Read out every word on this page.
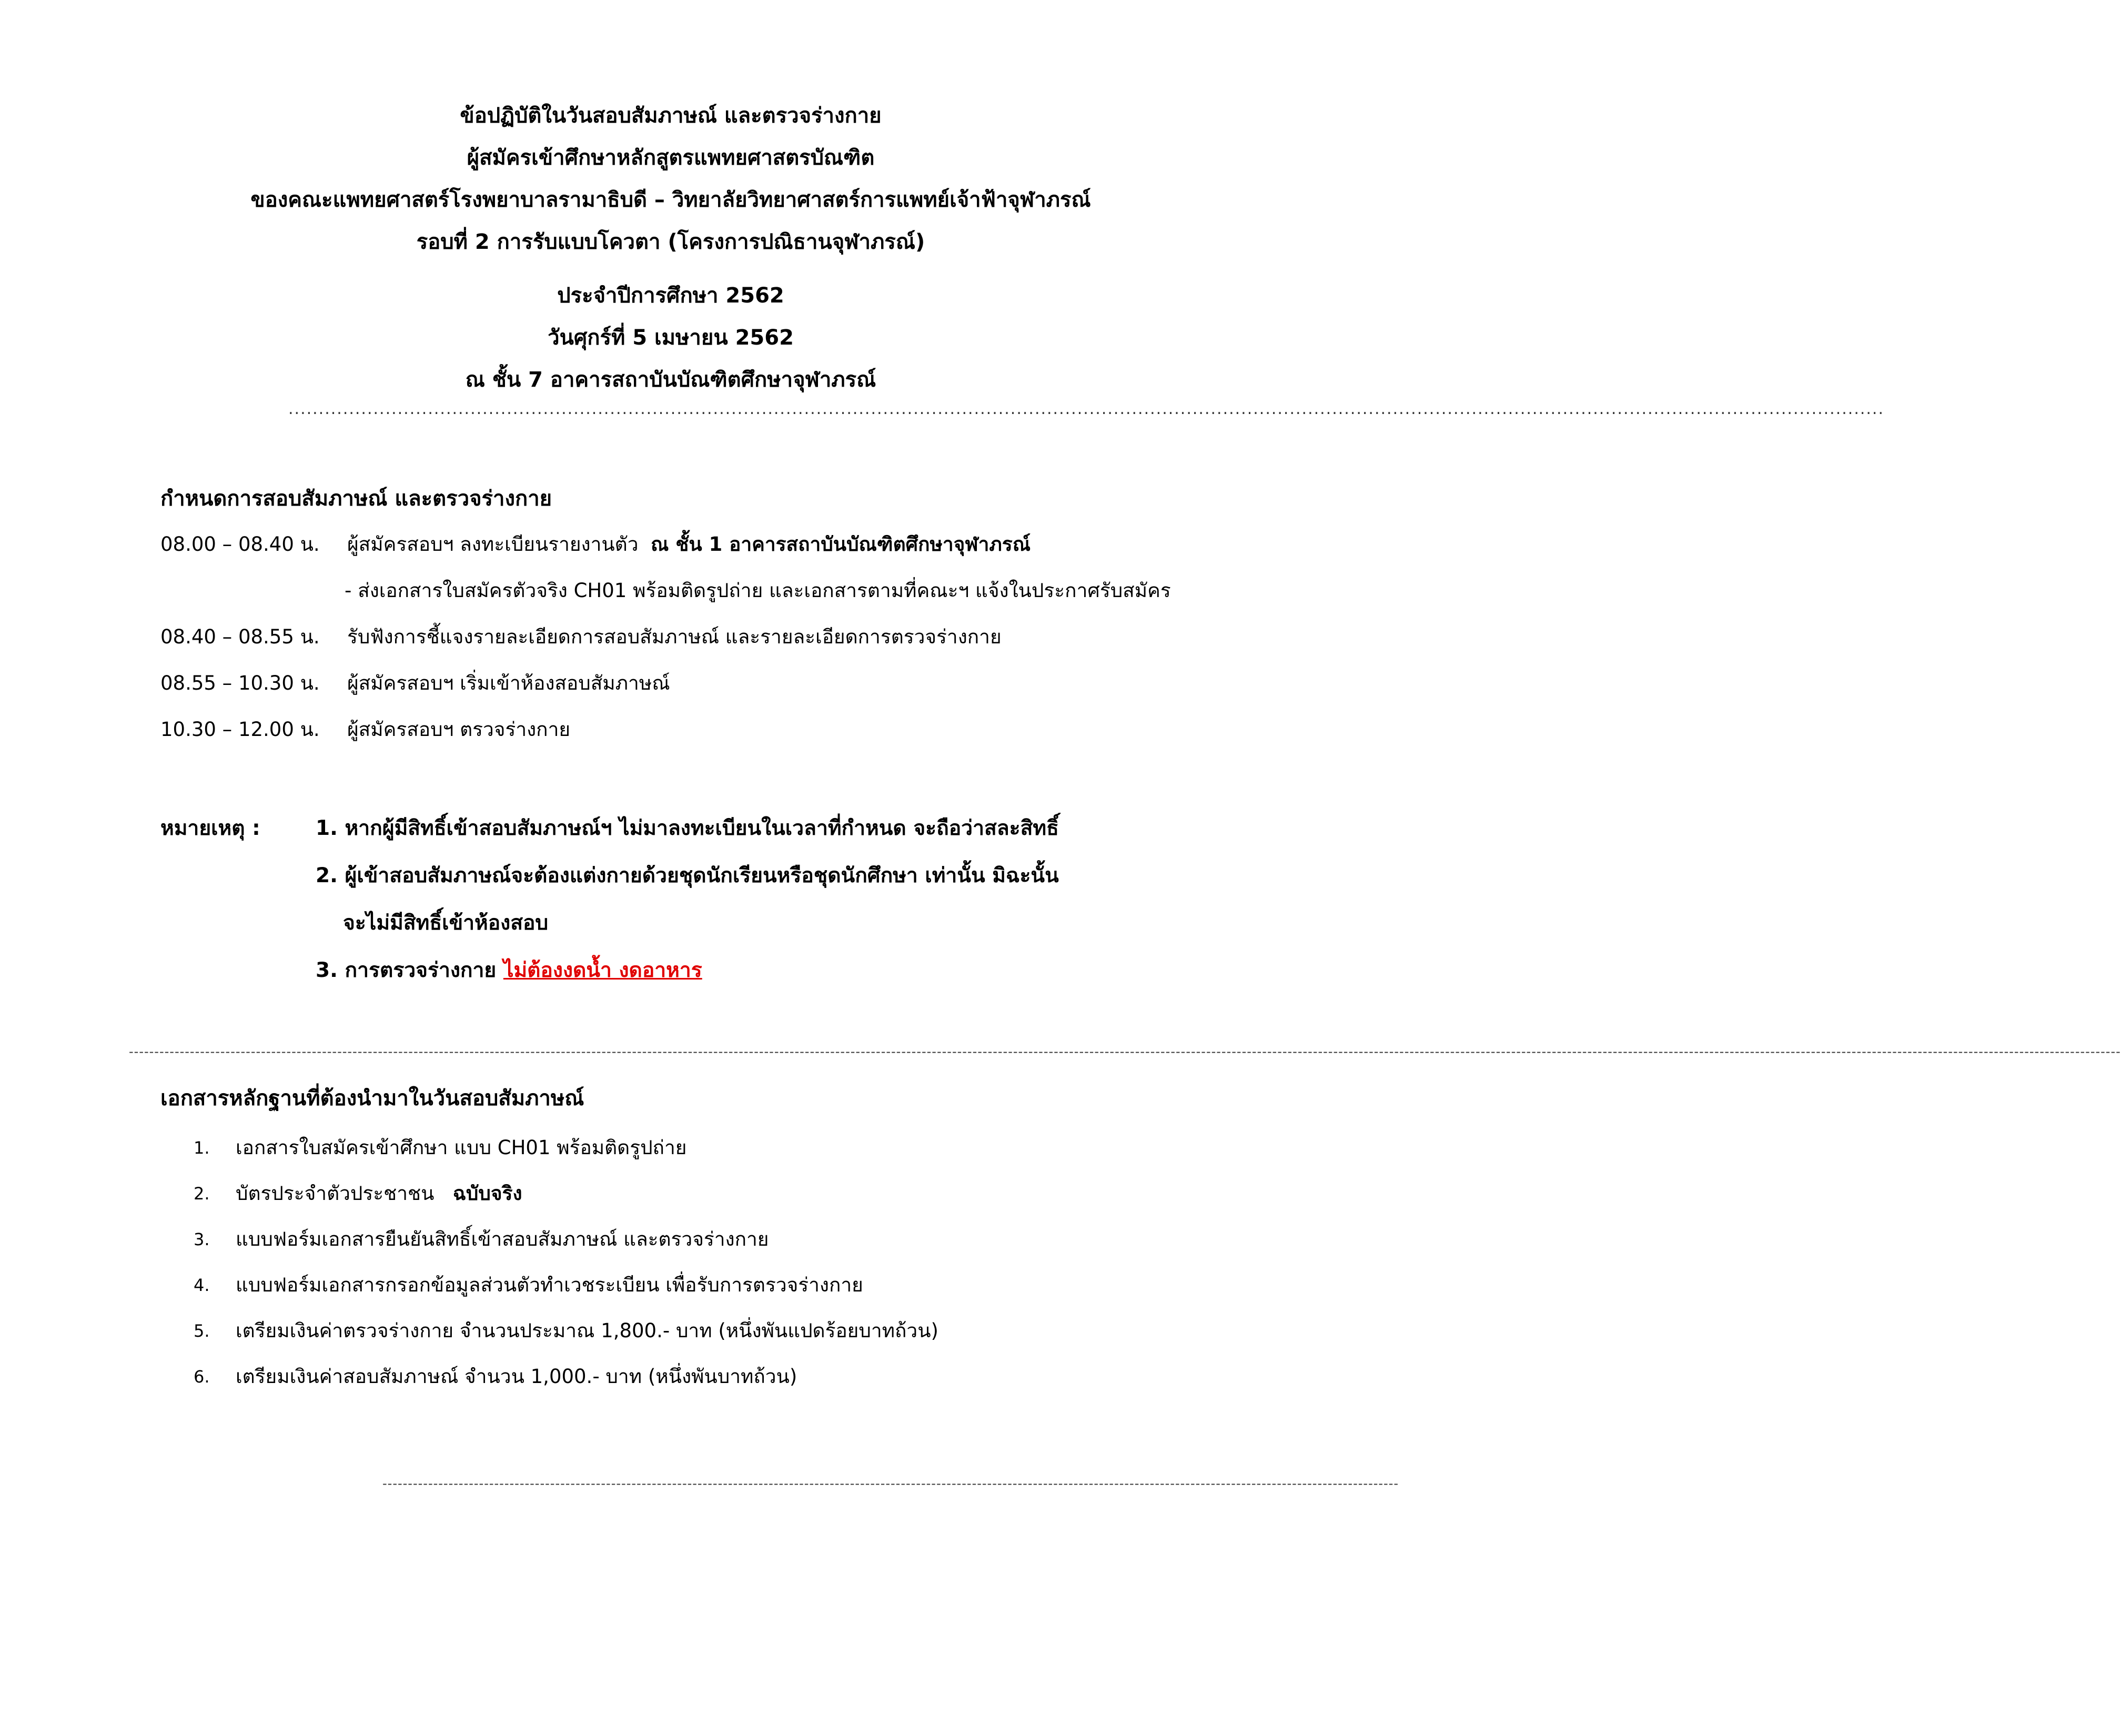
ข้อปฏิบัติในวันสอบสัมภาษณ์ และตรวจร่างกาย
ผู้สมัครเข้าศึกษาหลักสูตรแพทยศาสตรบัณฑิต
ของคณะแพทยศาสตร์โรงพยาบาลรามาธิบดี – วิทยาลัยวิทยาศาสตร์การแพทย์เจ้าฟ้าจุฬาภรณ์
รอบที่ 2 การรับแบบโควตา (โครงการปณิธานจุฬาภรณ์)
ประจำปีการศึกษา 2562
วันศุกร์ที่ 5 เมษายน 2562
ณ ชั้น 7 อาคารสถาบันบัณฑิตศึกษาจุฬาภรณ์
.......................................................................................................................................................................................................................................................................
กำหนดการสอบสัมภาษณ์ และตรวจร่างกาย
08.00 – 08.40 น.	ผู้สมัครสอบฯ ลงทะเบียนรายงานตัว ณ ชั้น 1 อาคารสถาบันบัณฑิตศึกษาจุฬาภรณ์
- ส่งเอกสารใบสมัครตัวจริง CH01 พร้อมติดรูปถ่าย และเอกสารตามที่คณะฯ แจ้งในประกาศรับสมัคร
08.40 – 08.55 น.	รับฟังการชี้แจงรายละเอียดการสอบสัมภาษณ์ และรายละเอียดการตรวจร่างกาย
08.55 – 10.30 น.	ผู้สมัครสอบฯ เริ่มเข้าห้องสอบสัมภาษณ์
10.30 – 12.00 น.	ผู้สมัครสอบฯ ตรวจร่างกาย
หมายเหตุ :	1. หากผู้มีสิทธิ์เข้าสอบสัมภาษณ์ฯ ไม่มาลงทะเบียนในเวลาที่กำหนด จะถือว่าสละสิทธิ์
2. ผู้เข้าสอบสัมภาษณ์จะต้องแต่งกายด้วยชุดนักเรียนหรือชุดนักศึกษา เท่านั้น มิฉะนั้น
จะไม่มีสิทธิ์เข้าห้องสอบ
3. การตรวจร่างกาย ไม่ต้องงดน้ำ งดอาหาร
--------------------------------------------------------------------------------------------------------------------------------------------------------------------------------------------------------------------------------------------------------------------------------------------------------------------------------------------------------------------------------------------------------
เอกสารหลักฐานที่ต้องนำมาในวันสอบสัมภาษณ์
1.	เอกสารใบสมัครเข้าศึกษา แบบ CH01 พร้อมติดรูปถ่าย
2.	บัตรประจำตัวประชาชน
ฉบับจริง
3.	แบบฟอร์มเอกสารยืนยันสิทธิ์เข้าสอบสัมภาษณ์ และตรวจร่างกาย
4.	แบบฟอร์มเอกสารกรอกข้อมูลส่วนตัวทำเวชระเบียน เพื่อรับการตรวจร่างกาย
5.	เตรียมเงินค่าตรวจร่างกาย จำนวนประมาณ 1,800.- บาท (หนึ่งพันแปดร้อยบาทถ้วน)
6.	เตรียมเงินค่าสอบสัมภาษณ์ จำนวน 1,000.- บาท (หนึ่งพันบาทถ้วน)
--------------------------------------------------------------------------------------------------------------------------------------------------------------------------------------------------------
